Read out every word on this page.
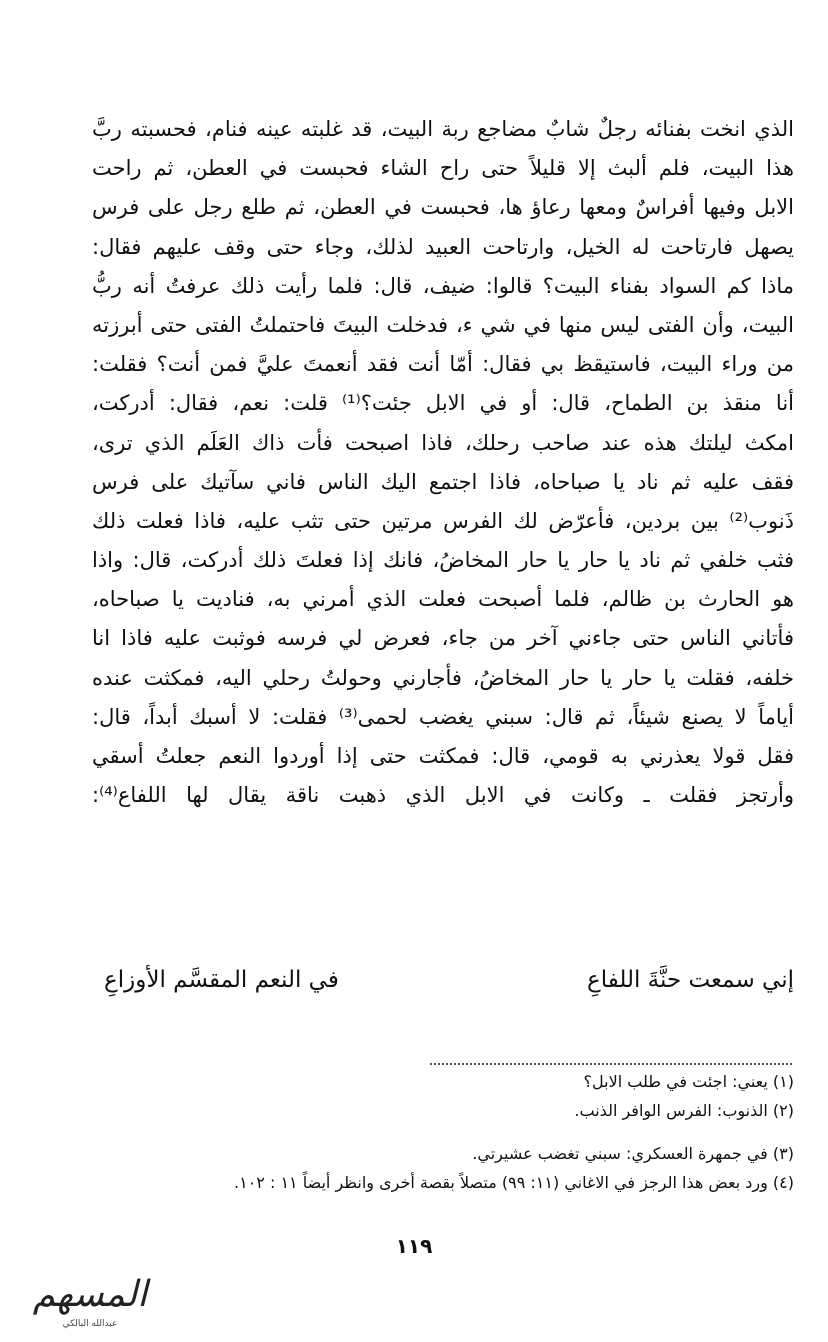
الذي انخت بفنائه رجلٌ شابٌ مضاجع ربة البيت، قد غلبته عينه فنام، فحسبته ربَّ
هذا البيت، فلم ألبث إلا قليلاً حتى راح الشاء فحبست في العطن، ثم راحت
الابل وفيها أفراسٌ ومعها رعاؤ ها، فحبست في العطن، ثم طلع رجل على فرس
يصهل فارتاحت له الخيل، وارتاحت العبيد لذلك، وجاء حتى وقف عليهم فقال:
ماذا كم السواد بفناء البيت؟ قالوا: ضيف، قال: فلما رأيت ذلك عرفتُ أنه ربُّ
البيت، وأن الفتى ليس منها في شي ء، فدخلت البيتَ فاحتملتُ الفتى حتى أبرزته
من وراء البيت، فاستيقظ بي فقال: أمّا أنت فقد أنعمتَ عليَّ فمن أنت؟ فقلت:
أنا منقذ بن الطماح، قال: أو في الابل جئت؟⁽¹⁾ قلت: نعم، فقال: أدركت،
امكث ليلتك هذه عند صاحب رحلك، فاذا اصبحت فأت ذاك العَلَم الذي ترى،
فقف عليه ثم ناد يا صباحاه، فاذا اجتمع اليك الناس فاني سآتيك على فرس
ذَنوب⁽²⁾ بين بردين، فأعرّض لك الفرس مرتين حتى تثب عليه، فاذا فعلت ذلك
فثب خلفي ثم ناد يا حار يا حار المخاضُ، فانك إذا فعلتَ ذلك أدركت، قال: واذا
هو الحارث بن ظالم، فلما أصبحت فعلت الذي أمرني به، فناديت يا صباحاه،
فأتاني الناس حتى جاءني آخر من جاء، فعرض لي فرسه فوثبت عليه فاذا انا
خلفه، فقلت يا حار يا حار المخاضُ، فأجارني وحولتُ رحلي اليه، فمكثت عنده
أياماً لا يصنع شيئاً، ثم قال: سبني يغضب لحمى⁽³⁾ فقلت: لا أسبك أبداً، قال:
فقل قولا يعذرني به قومي، قال: فمكثت حتى إذا أوردوا النعم جعلتُ أسقي
وأرتجز فقلت ـ وكانت في الابل الذي ذهبت ناقة يقال لها اللفاع⁽⁴⁾:
إني سمعت حنَّةَ اللفاعِ
في النعم المقسَّم الأوزاعِ
(١) يعني: اجئت في طلب الابل؟
(٢) الذنوب: الفرس الوافر الذنب.
(٣) في جمهرة العسكري: سبني تغضب عشيرتي.
(٤) ورد بعض هذا الرجز في الاغاني (١١: ٩٩) متصلاً بقصة أخرى وانظر أيضاً ١١ : ١٠٢.
١١٩
المسهم
عبدالله البالكي
